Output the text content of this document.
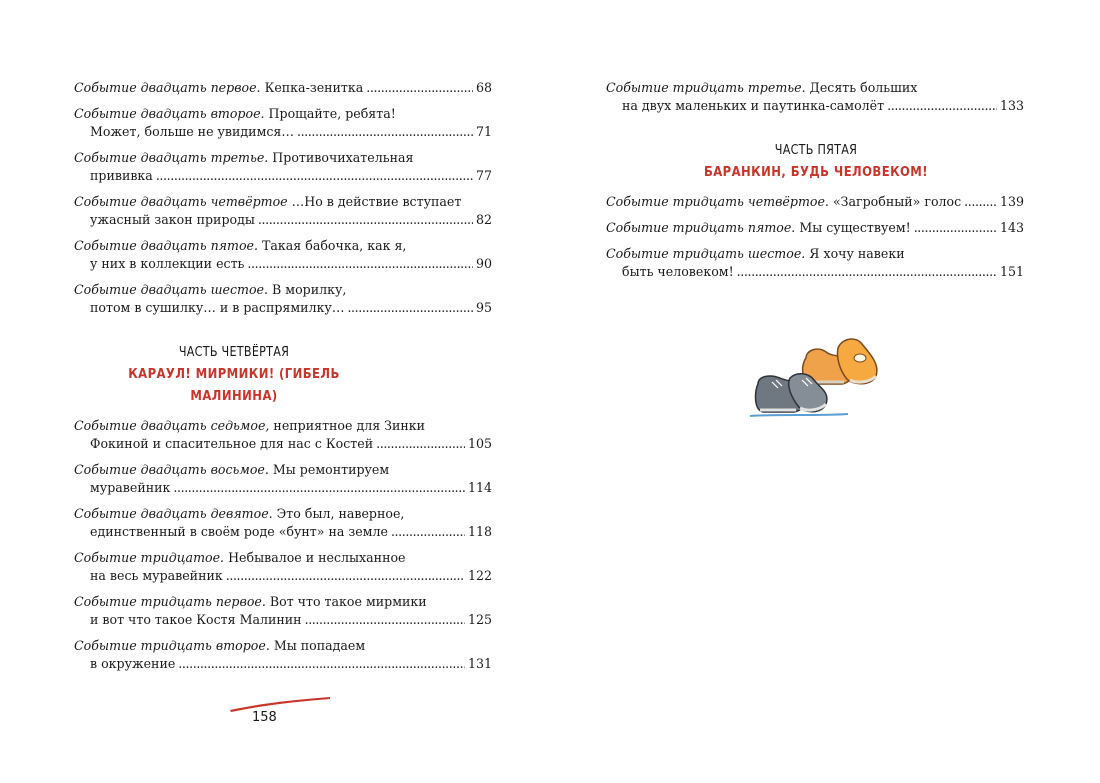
Событие двадцать первое.
Кепка-зенитка . . .	68
Событие двадцать второе.
Прощайте, ребята!
Может, больше не увидимся… . . .	71
Событие двадцать третье.
Противочихательная
прививка . . .	77
Событие двадцать четвёртое
…Но в действие вступает
ужасный закон природы . . .	82
Событие двадцать пятое.
Такая бабочка, как я,
у них в коллекции есть . . .	90
Событие двадцать шестое.
В морилку,
потом в сушилку… и в распрямилку… . . .	95
ЧАСТЬ ЧЕТВЁРТАЯ
КАРАУЛ! МИРМИКИ! (ГИБЕЛЬ МАЛИНИНА)
Событие двадцать седьмое,
неприятное для Зинки
Фокиной и спасительное для нас с Костей . . .	105
Событие двадцать восьмое.
Мы ремонтируем
муравейник . . .	114
Событие двадцать девятое.
Это был, наверное,
единственный в своём роде «бунт» на земле . . .	118
Событие тридцатое.
Небывалое и неслыханное
на весь муравейник . . .	122
Событие тридцать первое.
Вот что такое мирмики
и вот что такое Костя Малинин . . .	125
Событие тридцать второе.
Мы попадаем
в окружение . . .	131
Событие тридцать третье.
Десять больших
на двух маленьких и паутинка-самолёт . . .	133
ЧАСТЬ ПЯТАЯ
БАРАНКИН, БУДЬ ЧЕЛОВЕКОМ!
Событие тридцать четвёртое.
«Загробный» голос . . .	139
Событие тридцать пятое.
Мы существуем! . . .	143
Событие тридцать шестое.
Я хочу навеки
быть человеком! . . .	151
158
